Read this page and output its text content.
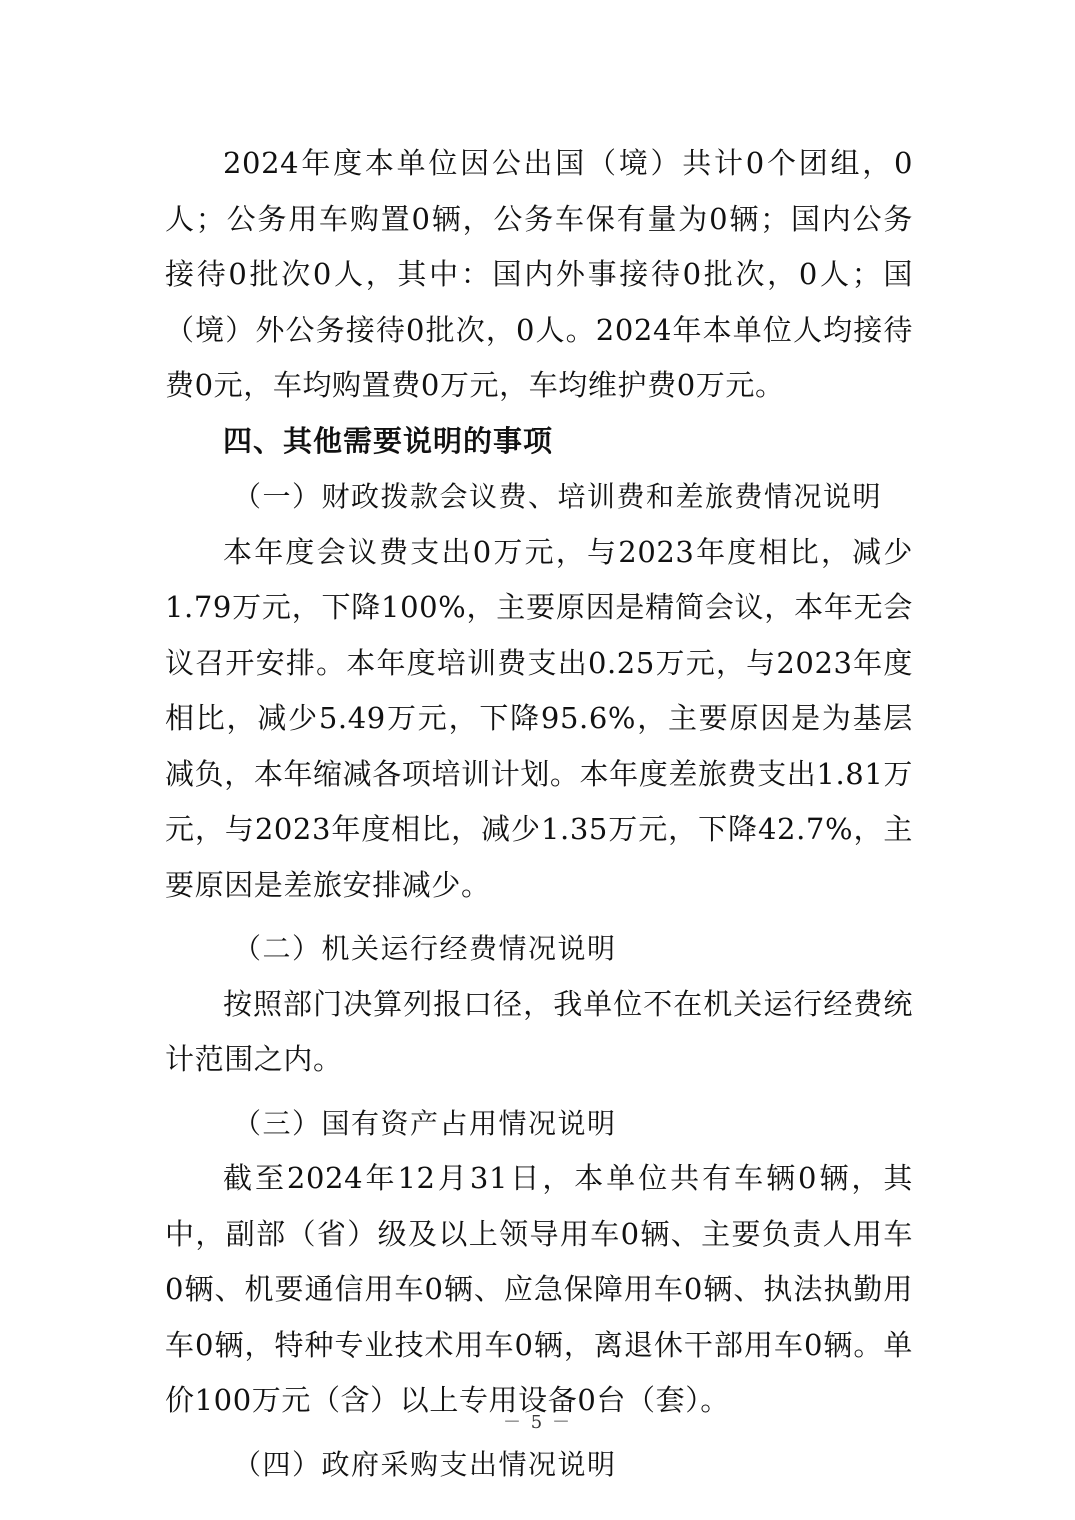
2024年度本单位因公出国（境）共计0个团组，0人；公务用车购置0辆，公务车保有量为0辆；国内公务接待0批次0人，其中：国内外事接待0批次，0人；国（境）外公务接待0批次，0人。2024年本单位人均接待费0元，车均购置费0万元，车均维护费0万元。

四、其他需要说明的事项

（一）财政拨款会议费、培训费和差旅费情况说明

本年度会议费支出0万元，与2023年度相比，减少1.79万元，下降100%，主要原因是精简会议，本年无会议召开安排。本年度培训费支出0.25万元，与2023年度相比，减少5.49万元，下降95.6%，主要原因是为基层减负，本年缩减各项培训计划。本年度差旅费支出1.81万元，与2023年度相比，减少1.35万元，下降42.7%，主要原因是差旅安排减少。

（二）机关运行经费情况说明

按照部门决算列报口径，我单位不在机关运行经费统计范围之内。

（三）国有资产占用情况说明

截至2024年12月31日，本单位共有车辆0辆，其中，副部（省）级及以上领导用车0辆、主要负责人用车0辆、机要通信用车0辆、应急保障用车0辆、执法执勤用车0辆，特种专业技术用车0辆，离退休干部用车0辆。单价100万元（含）以上专用设备0台（套）。

（四）政府采购支出情况说明

－ 5 －
